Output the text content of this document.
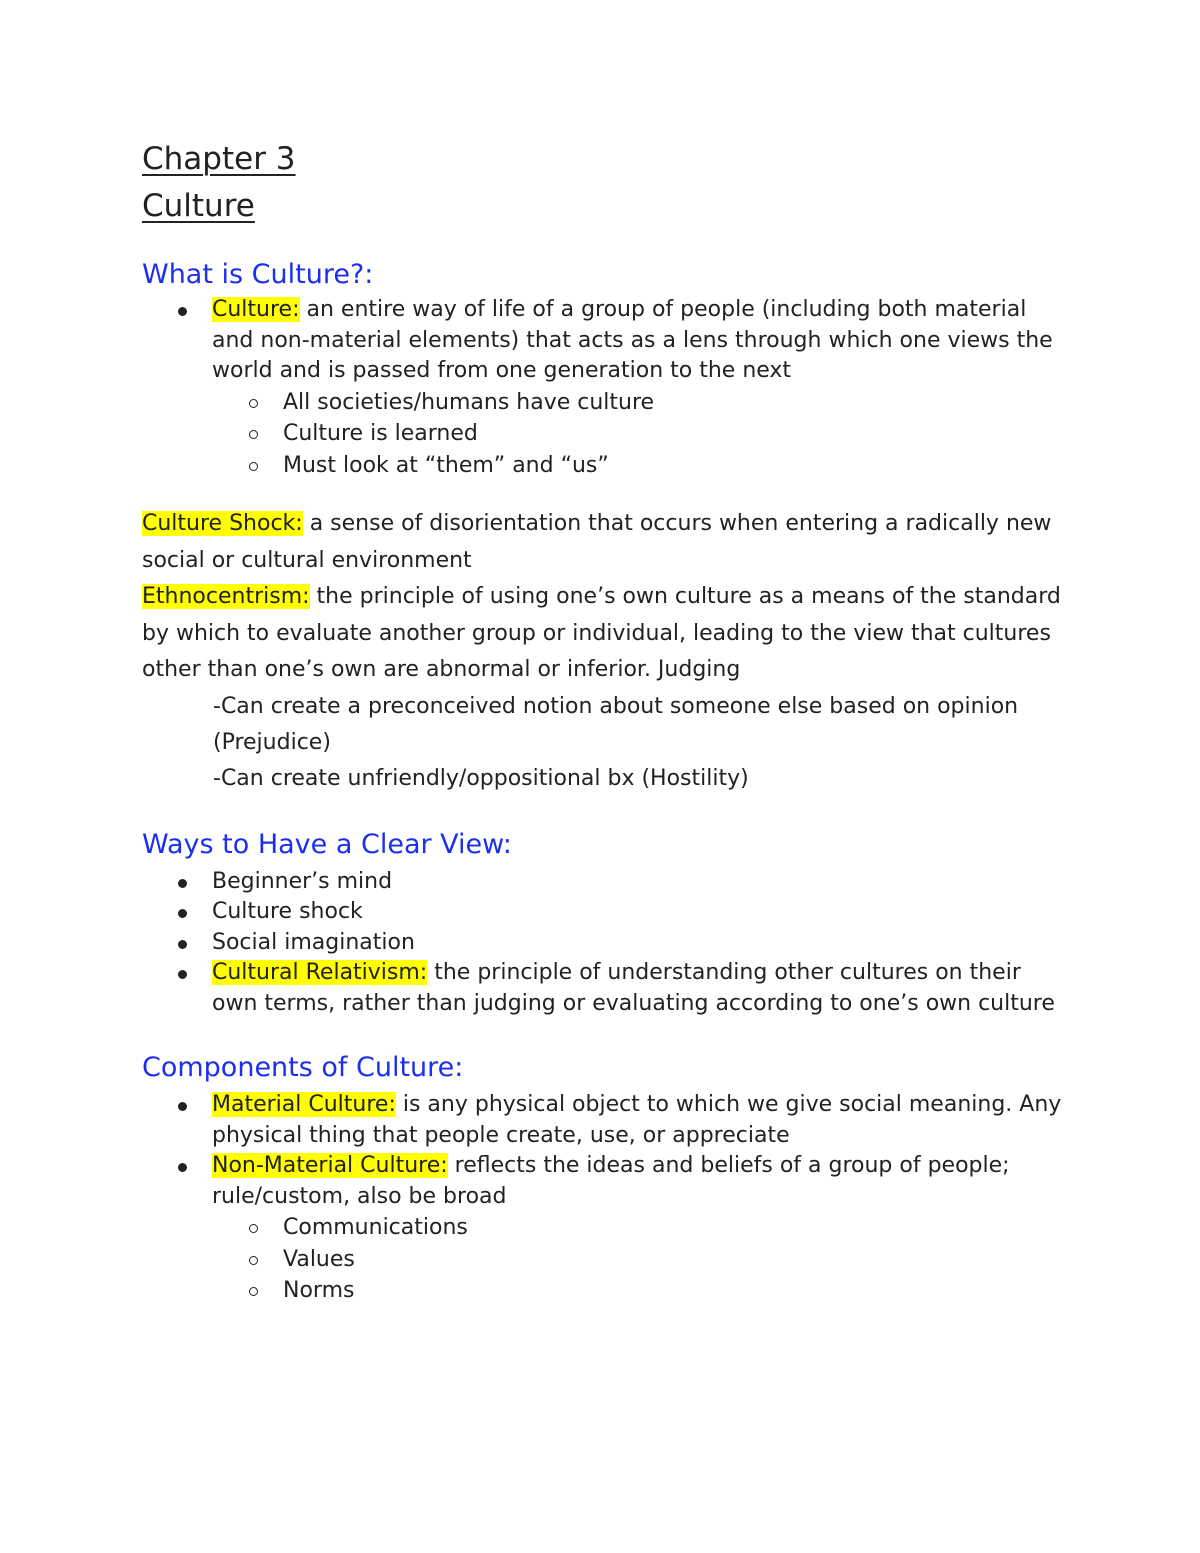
Chapter 3
Culture
What is Culture?:
Culture: an entire way of life of a group of people (including both material and non-material elements) that acts as a lens through which one views the world and is passed from one generation to the next
All societies/humans have culture
Culture is learned
Must look at “them” and “us”

Culture Shock: a sense of disorientation that occurs when entering a radically new social or cultural environment

Ethnocentrism: the principle of using one’s own culture as a means of the standard by which to evaluate another group or individual, leading to the view that cultures other than one’s own are abnormal or inferior. Judging

-Can create a preconceived notion about someone else based on opinion (Prejudice)

-Can create unfriendly/oppositional bx (Hostility)

Ways to Have a Clear View:
Beginner’s mind
Culture shock
Social imagination
Cultural Relativism: the principle of understanding other cultures on their own terms, rather than judging or evaluating according to one’s own culture
Components of Culture:
Material Culture: is any physical object to which we give social meaning. Any physical thing that people create, use, or appreciate
Non-Material Culture: reflects the ideas and beliefs of a group of people; rule/custom, also be broad
Communications
Values
Norms
